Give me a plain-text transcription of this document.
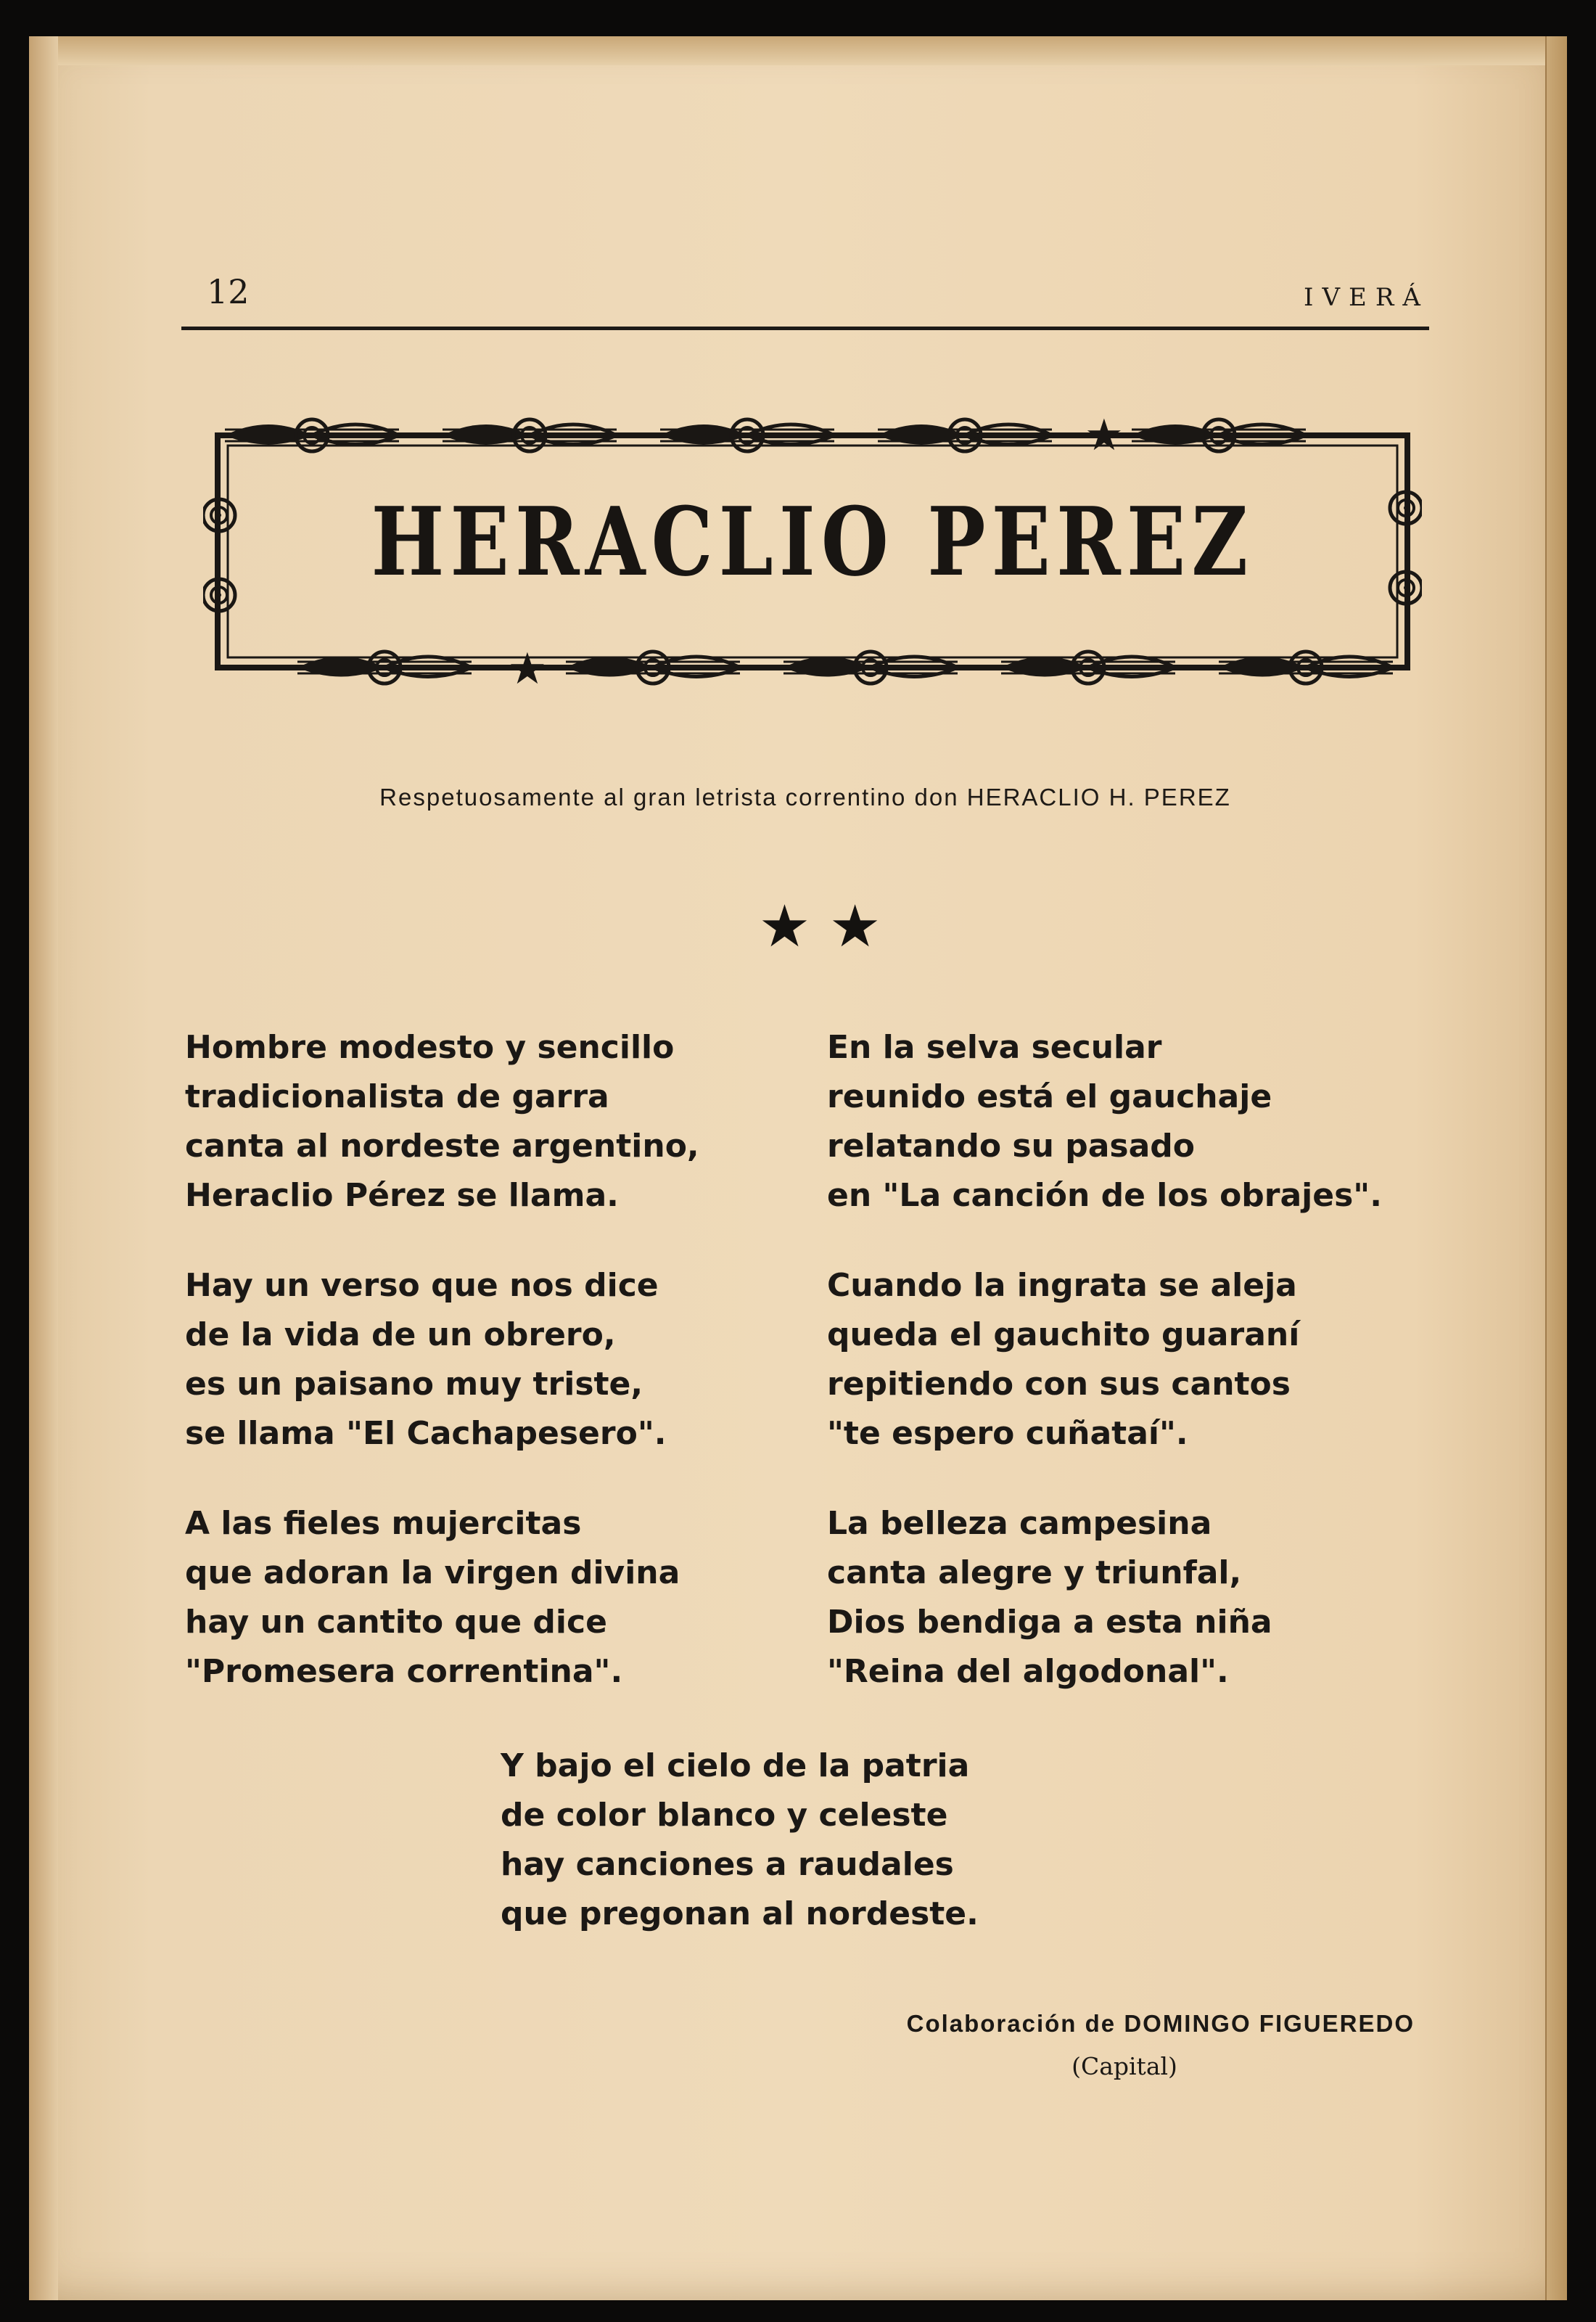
12	IVERÁ
★
★
HERACLIO PEREZ
Respetuosamente al gran letrista correntino don HERACLIO H. PEREZ
★ ★
Hombre modesto y sencillo
tradicionalista de garra
canta al nordeste argentino,
Heraclio Pérez se llama.
Hay un verso que nos dice
de la vida de un obrero,
es un paisano muy triste,
se llama "El Cachapesero".
A las fieles mujercitas
que adoran la virgen divina
hay un cantito que dice
"Promesera correntina".
En la selva secular
reunido está el gauchaje
relatando su pasado
en "La canción de los obrajes".
Cuando la ingrata se aleja
queda el gauchito guaraní
repitiendo con sus cantos
"te espero cuñataí".
La belleza campesina
canta alegre y triunfal,
Dios bendiga a esta niña
"Reina del algodonal".
Y bajo el cielo de la patria
de color blanco y celeste
hay canciones a raudales
que pregonan al nordeste.
Colaboración de DOMINGO FIGUEREDO
(Capital)
